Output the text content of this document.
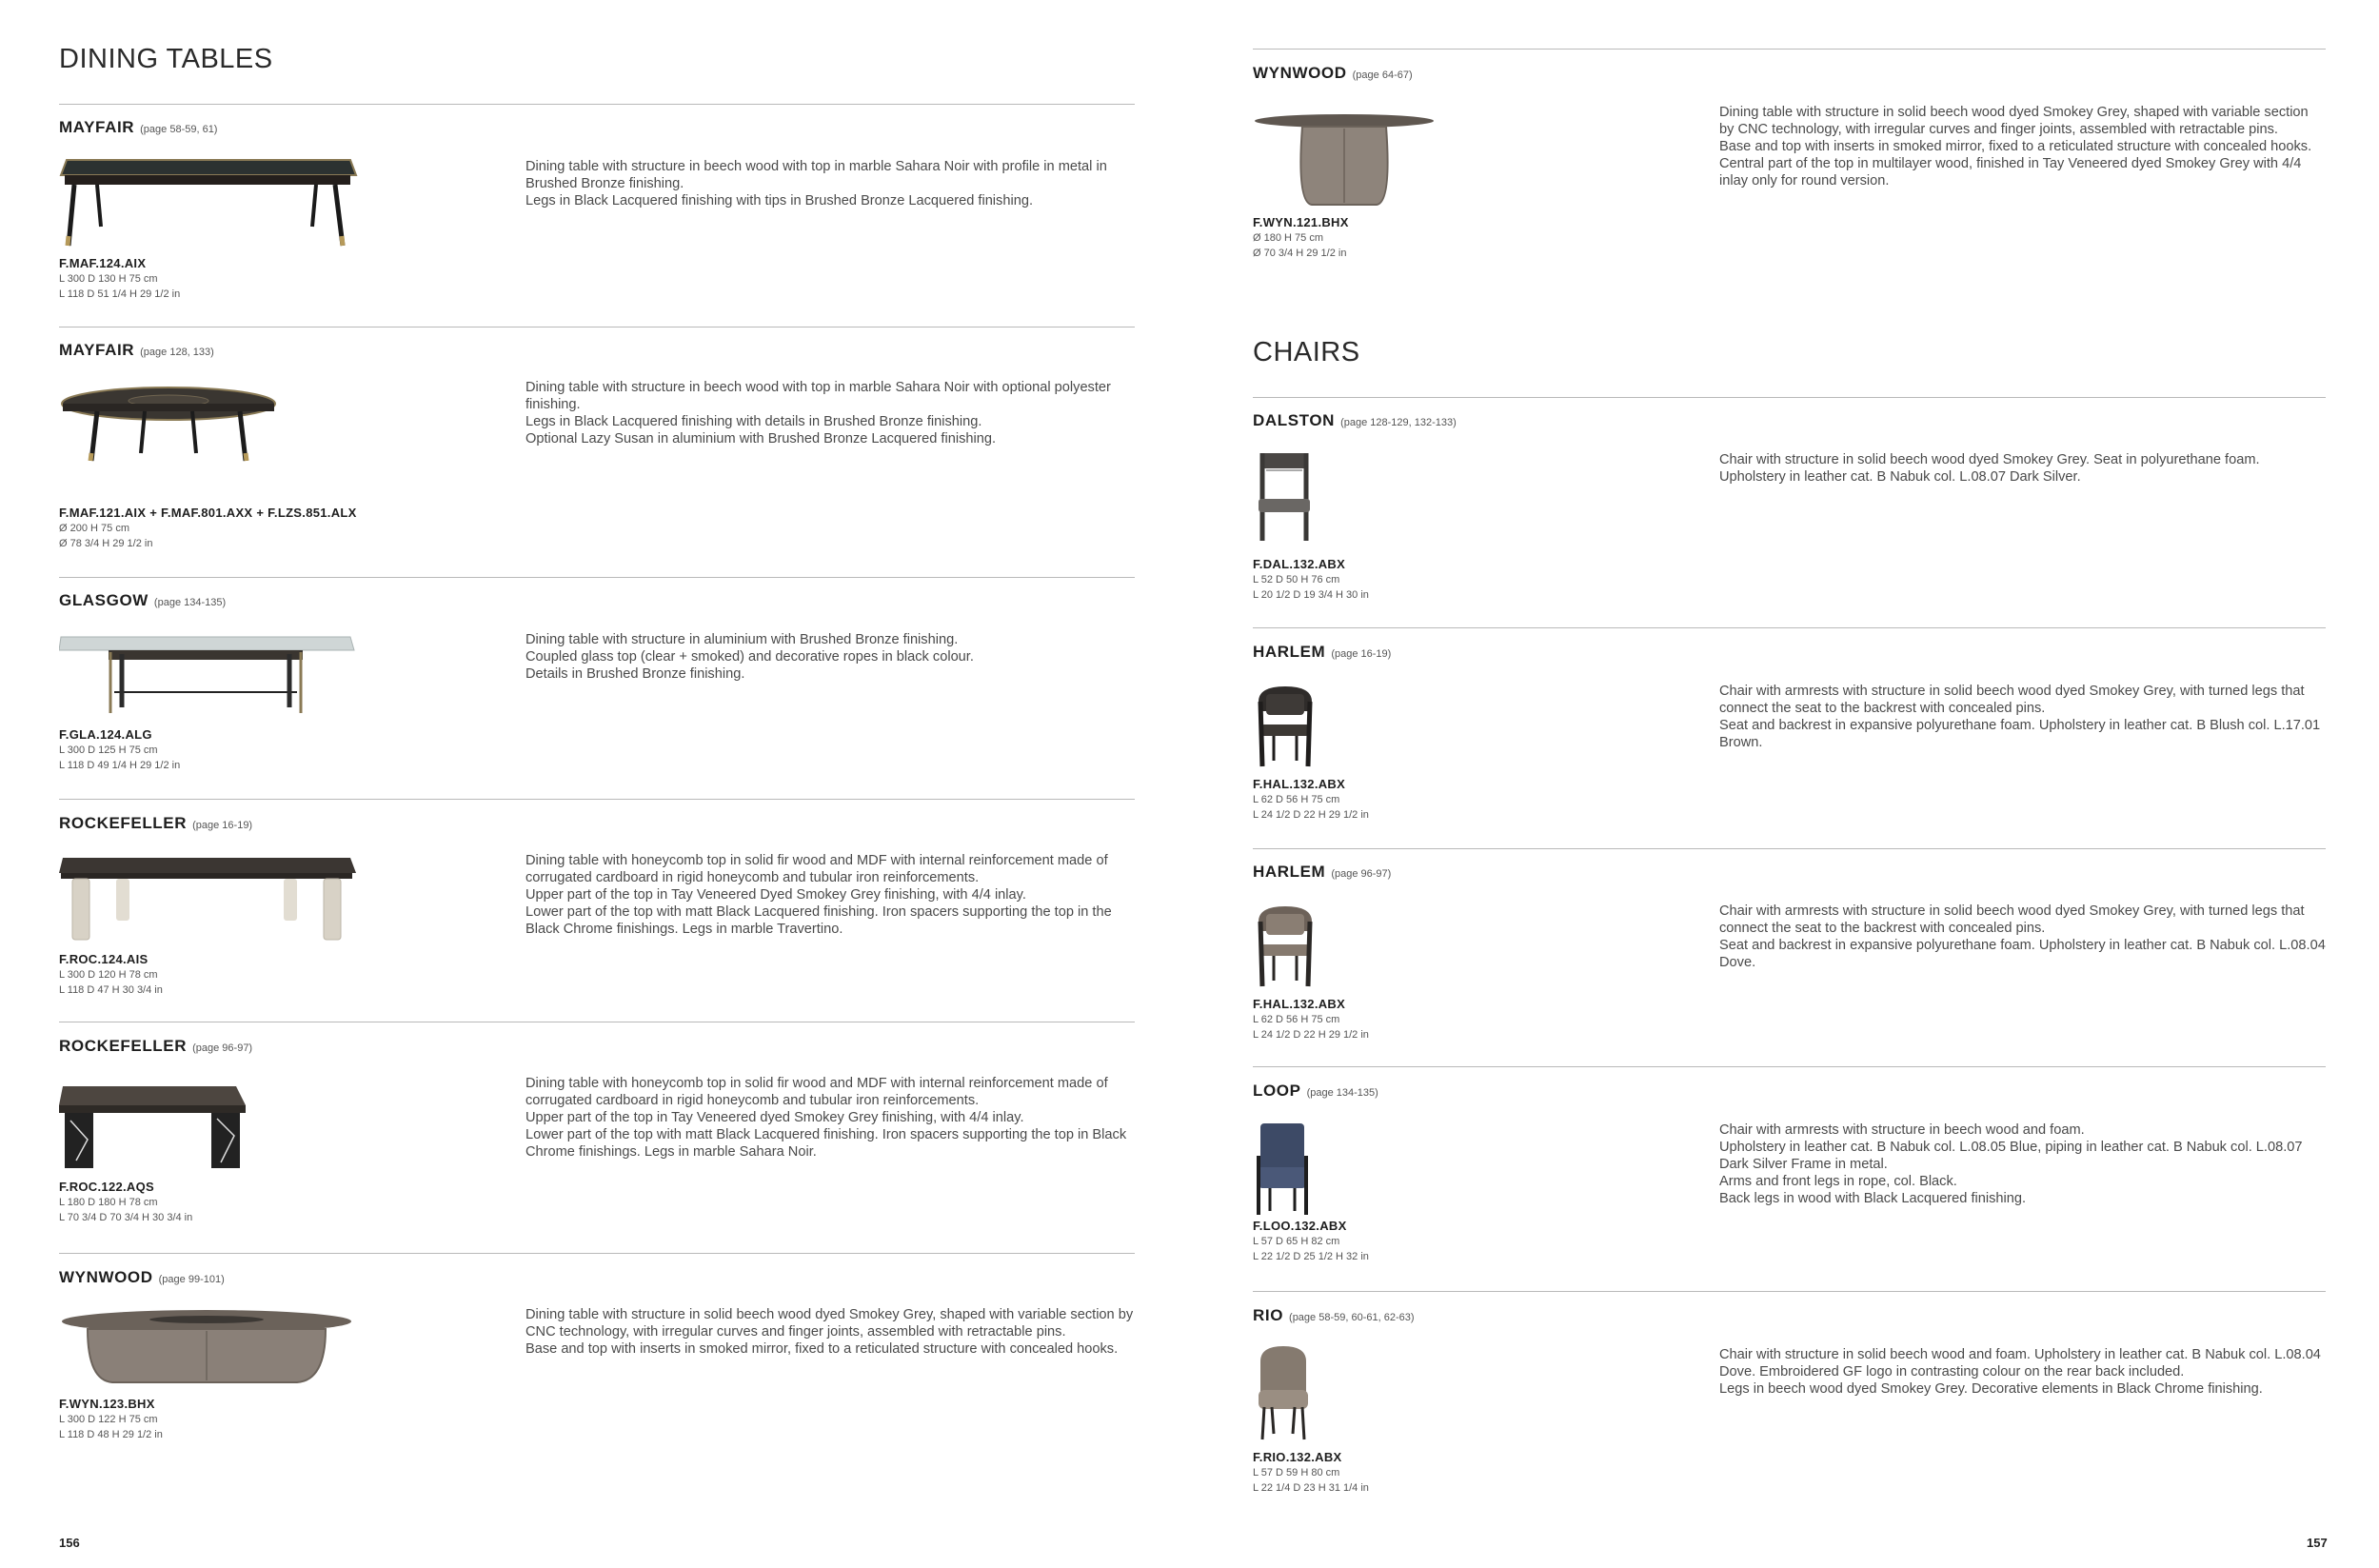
DINING TABLES
MAYFAIR (page 58-59, 61)
F.MAF.124.AIX
L 300 D 130 H 75 cm
L 118 D 51 1/4 H 29 1/2 in

Dining table with structure in beech wood with top in marble Sahara Noir with profile in metal in Brushed Bronze finishing.

Legs in Black Lacquered finishing with tips in Brushed Bronze Lacquered finishing.

MAYFAIR (page 128, 133)
F.MAF.121.AIX + F.MAF.801.AXX + F.LZS.851.ALX
Ø 200 H 75 cm
Ø 78 3/4 H 29 1/2 in

Dining table with structure in beech wood with top in marble Sahara Noir with optional polyester finishing.

Legs in Black Lacquered finishing with details in Brushed Bronze finishing.

Optional Lazy Susan in aluminium with Brushed Bronze Lacquered finishing.

GLASGOW (page 134-135)
F.GLA.124.ALG
L 300 D 125 H 75 cm
L 118 D 49 1/4 H 29 1/2 in

Dining table with structure in aluminium with Brushed Bronze finishing.

Coupled glass top (clear + smoked) and decorative ropes in black colour.

Details in Brushed Bronze finishing.

ROCKEFELLER (page 16-19)
F.ROC.124.AIS
L 300 D 120 H 78 cm
L 118 D 47 H 30 3/4 in

Dining table with honeycomb top in solid fir wood and MDF with internal reinforcement made of corrugated cardboard in rigid honeycomb and tubular iron reinforcements.

Upper part of the top in Tay Veneered Dyed Smokey Grey finishing, with 4/4 inlay.

Lower part of the top with matt Black Lacquered finishing. Iron spacers supporting the top in the Black Chrome finishings. Legs in marble Travertino.

ROCKEFELLER (page 96-97)
F.ROC.122.AQS
L 180 D 180 H 78 cm
L 70 3/4 D 70 3/4 H 30 3/4 in

Dining table with honeycomb top in solid fir wood and MDF with internal reinforcement made of corrugated cardboard in rigid honeycomb and tubular iron reinforcements.

Upper part of the top in Tay Veneered dyed Smokey Grey finishing, with 4/4 inlay.

Lower part of the top with matt Black Lacquered finishing. Iron spacers supporting the top in Black Chrome finishings. Legs in marble Sahara Noir.

WYNWOOD (page 99-101)
F.WYN.123.BHX
L 300 D 122 H 75 cm
L 118 D 48 H 29 1/2 in

Dining table with structure in solid beech wood dyed Smokey Grey, shaped with variable section by CNC technology, with irregular curves and finger joints, assembled with retractable pins.

Base and top with inserts in smoked mirror, fixed to a reticulated structure with concealed hooks.

156
WYNWOOD (page 64-67)
F.WYN.121.BHX
Ø 180 H 75 cm
Ø 70 3/4 H 29 1/2 in

Dining table with structure in solid beech wood dyed Smokey Grey, shaped with variable section by CNC technology, with irregular curves and finger joints, assembled with retractable pins.

Base and top with inserts in smoked mirror, fixed to a reticulated structure with concealed hooks.

Central part of the top in multilayer wood, finished in Tay Veneered dyed Smokey Grey with 4/4 inlay only for round version.

CHAIRS
DALSTON (page 128-129, 132-133)
F.DAL.132.ABX
L 52 D 50 H 76 cm
L 20 1/2 D 19 3/4 H 30 in

Chair with structure in solid beech wood dyed Smokey Grey. Seat in polyurethane foam.

Upholstery in leather cat. B Nabuk col. L.08.07 Dark Silver.

HARLEM (page 16-19)
F.HAL.132.ABX
L 62 D 56 H 75 cm
L 24 1/2 D 22 H 29 1/2 in

Chair with armrests with structure in solid beech wood dyed Smokey Grey, with turned legs that connect the seat to the backrest with concealed pins.

Seat and backrest in expansive polyurethane foam. Upholstery in leather cat. B Blush col. L.17.01 Brown.

HARLEM (page 96-97)
F.HAL.132.ABX
L 62 D 56 H 75 cm
L 24 1/2 D 22 H 29 1/2 in

Chair with armrests with structure in solid beech wood dyed Smokey Grey, with turned legs that connect the seat to the backrest with concealed pins.

Seat and backrest in expansive polyurethane foam. Upholstery in leather cat. B Nabuk col. L.08.04 Dove.

LOOP (page 134-135)
F.LOO.132.ABX
L 57 D 65 H 82 cm
L 22 1/2 D 25 1/2 H 32 in

Chair with armrests with structure in beech wood and foam.

Upholstery in leather cat. B Nabuk col. L.08.05 Blue, piping in leather cat. B Nabuk col. L.08.07 Dark Silver Frame in metal.

Arms and front legs in rope, col. Black.

Back legs in wood with Black Lacquered finishing.

RIO (page 58-59, 60-61, 62-63)
F.RIO.132.ABX
L 57 D 59 H 80 cm
L 22 1/4 D 23 H 31 1/4 in

Chair with structure in solid beech wood and foam. Upholstery in leather cat. B Nabuk col. L.08.04 Dove. Embroidered GF logo in contrasting colour on the rear back included.

Legs in beech wood dyed Smokey Grey. Decorative elements in Black Chrome finishing.

157
